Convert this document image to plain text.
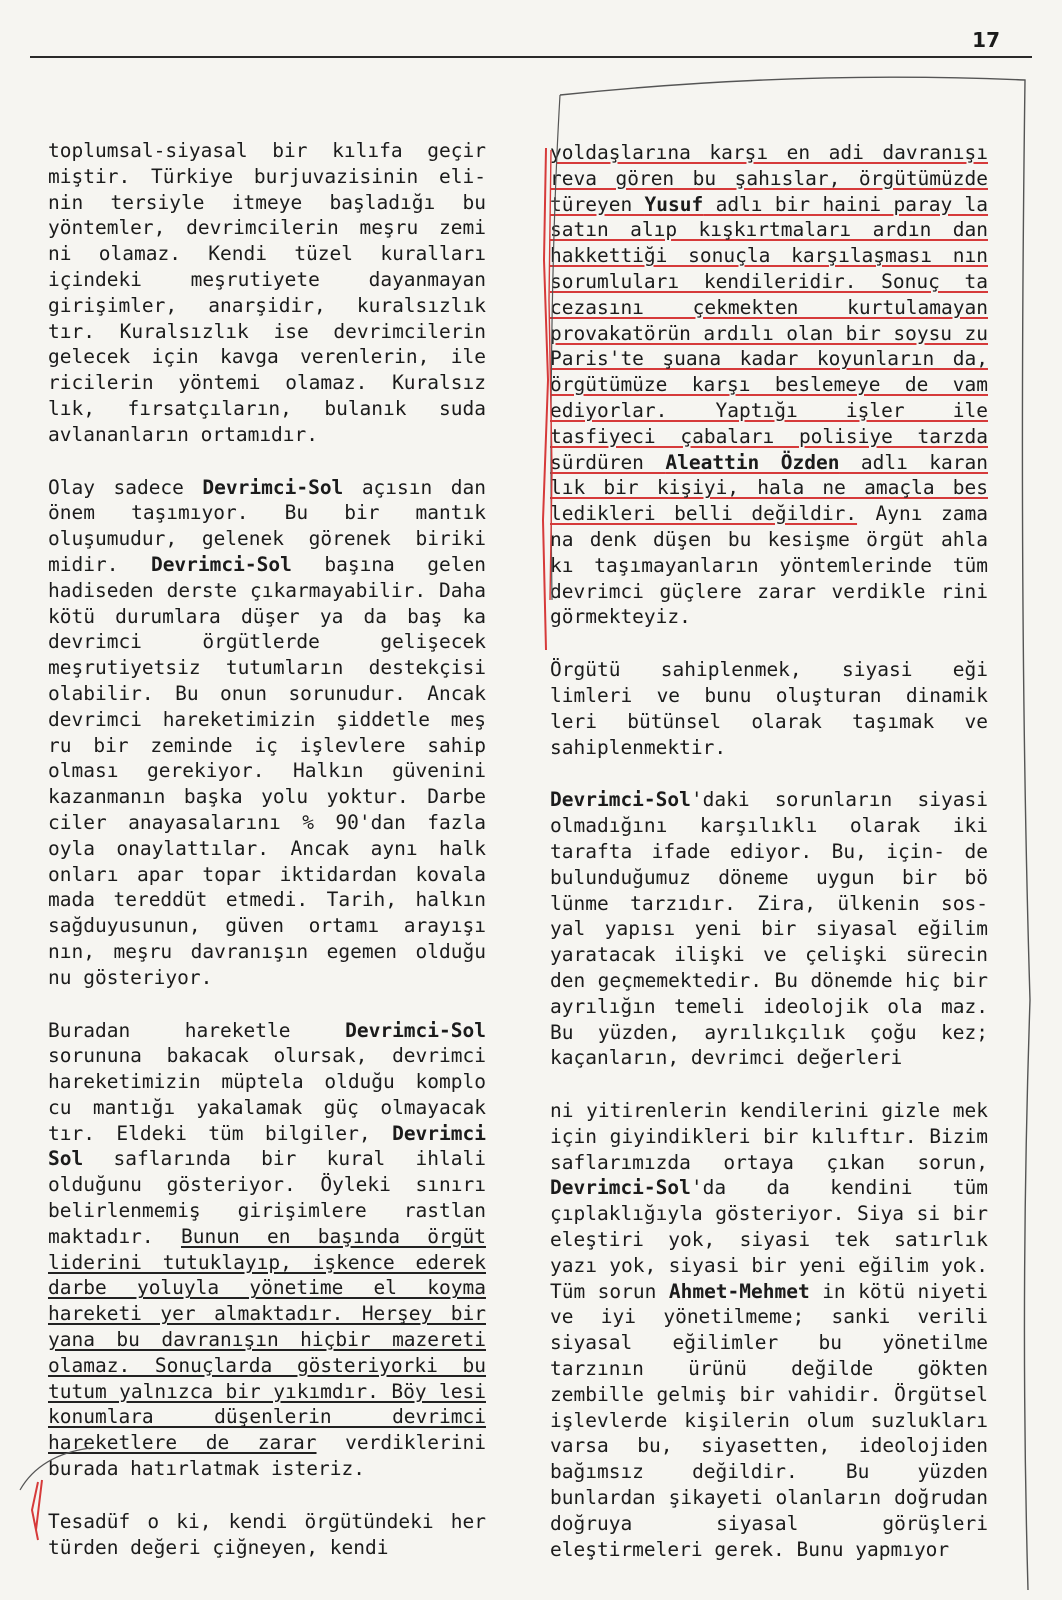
17

toplumsal-siyasal bir kılıfa geçir miştir. Türkiye burjuvazisinin eli- nin tersiyle itmeye başladığı bu yöntemler, devrimcilerin meşru zemi ni olamaz. Kendi tüzel kuralları içindeki meşrutiyete dayanmayan girişimler, anarşidir, kuralsızlık tır. Kuralsızlık ise devrimcilerin gelecek için kavga verenlerin, ile ricilerin yöntemi olamaz. Kuralsız lık, fırsatçıların, bulanık suda avlananların ortamıdır.

Olay sadece Devrimci-Sol açısın dan önem taşımıyor. Bu bir mantık oluşumudur, gelenek görenek biriki midir. Devrimci-Sol başına gelen hadiseden derste çıkarmayabilir. Daha kötü durumlara düşer ya da baş ka devrimci örgütlerde gelişecek meşrutiyetsiz tutumların destekçisi olabilir. Bu onun sorunudur. Ancak devrimci hareketimizin şiddetle meş ru bir zeminde iç işlevlere sahip olması gerekiyor. Halkın güvenini kazanmanın başka yolu yoktur. Darbe ciler anayasalarını % 90'dan fazla oyla onaylattılar. Ancak aynı halk onları apar topar iktidardan kovala mada tereddüt etmedi. Tarih, halkın sağduyusunun, güven ortamı arayışı nın, meşru davranışın egemen olduğu nu gösteriyor.

Buradan hareketle Devrimci-Sol sorununa bakacak olursak, devrimci hareketimizin müptela olduğu komplo cu mantığı yakalamak güç olmayacak tır. Eldeki tüm bilgiler, Devrimci Sol saflarında bir kural ihlali olduğunu gösteriyor. Öyleki sınırı belirlenmemiş girişimlere rastlan maktadır. Bunun en başında örgüt liderini tutuklayıp, işkence ederek darbe yoluyla yönetime el koyma hareketi yer almaktadır. Herşey bir yana bu davranışın hiçbir mazereti olamaz. Sonuçlarda gösteriyorki bu tutum yalnızca bir yıkımdır. Böy lesi konumlara düşenlerin devrimci hareketlere de zarar verdiklerini burada hatırlatmak isteriz.

Tesadüf o ki, kendi örgütündeki her türden değeri çiğneyen, kendi

yoldaşlarına karşı en adi davranışı reva gören bu şahıslar, örgütümüzde türeyen Yusuf adlı bir haini paray la satın alıp kışkırtmaları ardın dan hakkettiği sonuçla karşılaşması nın sorumluları kendileridir. Sonuç ta cezasını çekmekten kurtulamayan provakatörün ardılı olan bir soysu zu Paris'te şuana kadar koyunların da, örgütümüze karşı beslemeye de vam ediyorlar. Yaptığı işler ile tasfiyeci çabaları polisiye tarzda sürdüren Aleattin Özden adlı karan lık bir kişiyi, hala ne amaçla bes ledikleri belli değildir. Aynı zama na denk düşen bu kesişme örgüt ahla kı taşımayanların yöntemlerinde tüm devrimci güçlere zarar verdikle rini görmekteyiz.

Örgütü sahiplenmek, siyasi eği limleri ve bunu oluşturan dinamik leri bütünsel olarak taşımak ve sahiplenmektir.

Devrimci-Sol'daki sorunların siyasi olmadığını karşılıklı olarak iki tarafta ifade ediyor. Bu, için- de bulunduğumuz döneme uygun bir bö lünme tarzıdır. Zira, ülkenin sos- yal yapısı yeni bir siyasal eğilim yaratacak ilişki ve çelişki sürecin den geçmemektedir. Bu dönemde hiç bir ayrılığın temeli ideolojik ola maz. Bu yüzden, ayrılıkçılık çoğu kez; kaçanların, devrimci değerleri

ni yitirenlerin kendilerini gizle mek için giyindikleri bir kılıftır. Bizim saflarımızda ortaya çıkan sorun, Devrimci-Sol'da da kendini tüm çıplaklığıyla gösteriyor. Siya si bir eleştiri yok, siyasi tek satırlık yazı yok, siyasi bir yeni eğilim yok. Tüm sorun Ahmet-Mehmet in kötü niyeti ve iyi yönetilmeme; sanki verili siyasal eğilimler bu yönetilme tarzının ürünü değilde gökten zembille gelmiş bir vahidir. Örgütsel işlevlerde kişilerin olum suzlukları varsa bu, siyasetten, ideolojiden bağımsız değildir. Bu yüzden bunlardan şikayeti olanların doğrudan doğruya siyasal görüşleri eleştirmeleri gerek. Bunu yapmıyor
